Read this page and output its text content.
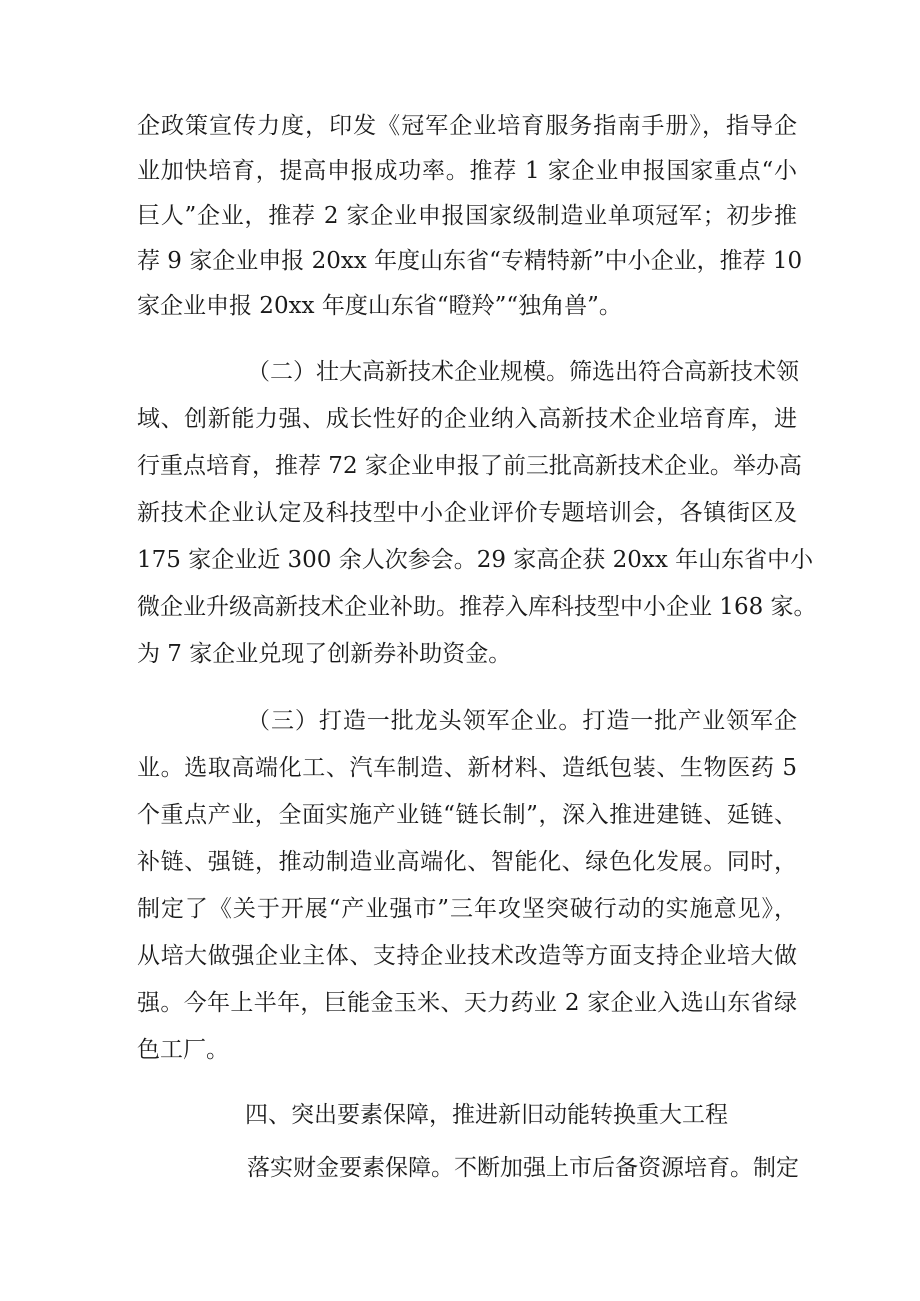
企政策宣传力度，印发《冠军企业培育服务指南手册》，指导企
业加快培育，提高申报成功率。推荐 1 家企业申报国家重点“小
巨人”企业，推荐 2 家企业申报国家级制造业单项冠军；初步推
荐 9 家企业申报 20xx 年度山东省“专精特新”中小企业，推荐 10
家企业申报 20xx 年度山东省“瞪羚”“独角兽”。
（二）壮大高新技术企业规模。筛选出符合高新技术领
域、创新能力强、成长性好的企业纳入高新技术企业培育库，进
行重点培育，推荐 72 家企业申报了前三批高新技术企业。举办高
新技术企业认定及科技型中小企业评价专题培训会，各镇街区及
175 家企业近 300 余人次参会。29 家高企获 20xx 年山东省中小
微企业升级高新技术企业补助。推荐入库科技型中小企业 168 家。
为 7 家企业兑现了创新券补助资金。
（三）打造一批龙头领军企业。打造一批产业领军企
业。选取高端化工、汽车制造、新材料、造纸包装、生物医药 5
个重点产业，全面实施产业链“链长制”，深入推进建链、延链、
补链、强链，推动制造业高端化、智能化、绿色化发展。同时，
制定了《关于开展“产业强市”三年攻坚突破行动的实施意见》，
从培大做强企业主体、支持企业技术改造等方面支持企业培大做
强。今年上半年，巨能金玉米、天力药业 2 家企业入选山东省绿
色工厂。
四、突出要素保障，推进新旧动能转换重大工程
落实财金要素保障。不断加强上市后备资源培育。制定
